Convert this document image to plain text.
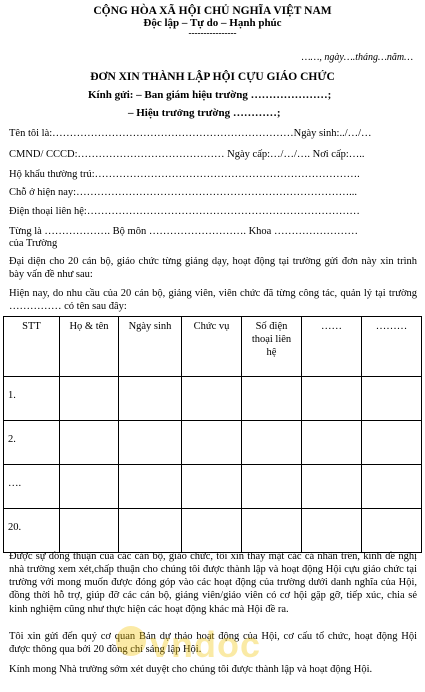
CỘNG HÒA XÃ HỘI CHỦ NGHĨA VIỆT NAM
Độc lập – Tự do – Hạnh phúc
----------------
……, ngày….tháng…năm…
ĐƠN XIN THÀNH LẬP HỘI CỰU GIÁO CHỨC
Kính gửi: – Ban giám hiệu trường …………………;
– Hiệu trưởng trường …………;
Tên tôi là:……………………………………………………………Ngày sinh:../…/…
CMND/ CCCD:…………………………………… Ngày cấp:…/…/…. Nơi cấp:…..
Hộ khẩu thường trú:………………………………………………………………….
Chỗ ở hiện nay:……………………………………………………………………...
Điện thoại liên hệ:……………………………………………………………………
Từng là ………………. Bộ môn ………………………. Khoa ……………………
của Trường
Đại diện cho 20 cán bộ, giáo chức từng giảng dạy, hoạt động tại trường gửi đơn này xin trình bày vấn đề như sau:
Hiện nay, do nhu cầu của 20 cán bộ, giảng viên, viên chức đã từng công tác, quản lý tại trường …………… có tên sau đây:
STT	Họ & tên	Ngày sinh	Chức vụ	Số điện thoại liên hệ	……	………
1.						
2.						
….						
20.						
Được sự đồng thuận của các cán bộ, giáo chức, tôi xin thay mặt các cá nhân trên, kính đề nghị nhà trường xem xét,chấp thuận cho chúng tôi được thành lập và hoạt động Hội cựu giáo chức tại trường với mong muốn được đóng góp vào các hoạt động của trường dưới danh nghĩa của Hội, đồng thời hỗ trợ, giúp đỡ các cán bộ, giảng viên/giáo viên có cơ hội gặp gỡ, tiếp xúc, chia sẻ kinh nghiệm cũng như thực hiện các hoạt động khác mà Hội đề ra.
Tôi xin gửi đến quý cơ quan Bản dự thảo hoạt động của Hội, cơ cấu tổ chức, hoạt động Hội được thông qua bởi 20 đồng chí sáng lập Hội.
Kính mong Nhà trường sớm xét duyệt cho chúng tôi được thành lập và hoạt động Hội.
vndoc
